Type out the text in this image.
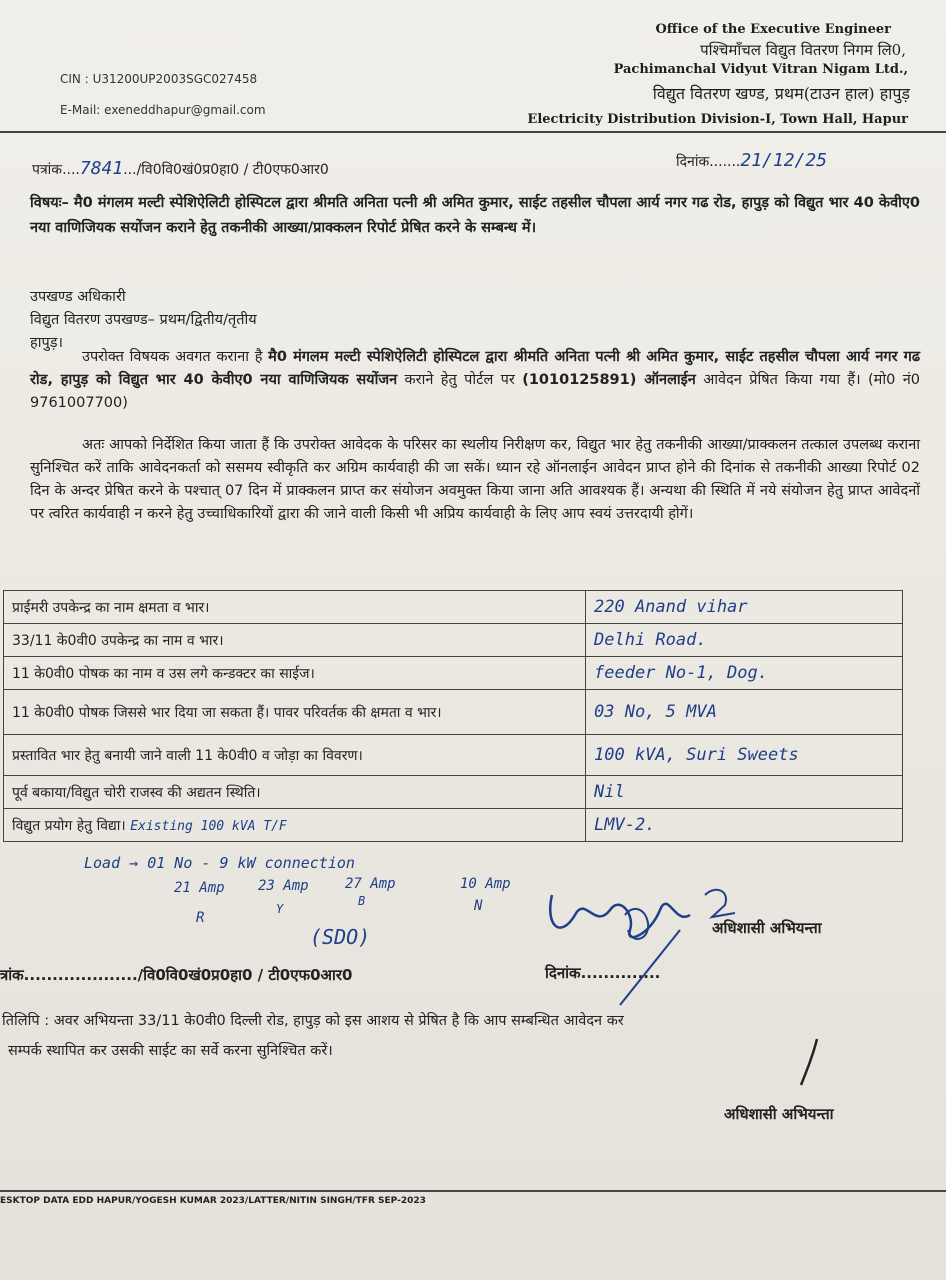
CIN : U31200UP2003SGC027458
E-Mail: exeneddhapur@gmail.com
Office of the Executive Engineer
पश्चिमाँचल विद्युत वितरण निगम लि0,
Pachimanchal Vidyut Vitran Nigam Ltd.,
विद्युत वितरण खण्ड, प्रथम(टाउन हाल) हापुड़
Electricity Distribution Division-I, Town Hall, Hapur
पत्रांक....7841.../वि0वि0खं0प्र0हा0 / टी0एफ0आर0	दिनांक.......21/12/25
विषयः– मै0 मंगलम मल्टी स्पेशिऐलिटी होस्पिटल द्वारा श्रीमति अनिता पत्नी श्री अमित कुमार, साईट तहसील चौपला आर्य नगर गढ रोड, हापुड़ को विद्युत भार 40 केवीए0 नया वाणिजियक सयोंजन कराने हेतु तकनीकी आख्या/प्राक्कलन रिपोर्ट प्रेषित करने के सम्बन्ध में।
उपखण्ड अधिकारी
विद्युत वितरण उपखण्ड– प्रथम/द्वितीय/तृतीय
हापुड़।
उपरोक्त विषयक अवगत कराना है मै0 मंगलम मल्टी स्पेशिऐलिटी होस्पिटल द्वारा श्रीमति अनिता पत्नी श्री अमित कुमार, साईट तहसील चौपला आर्य नगर गढ रोड, हापुड़ को विद्युत भार 40 केवीए0 नया वाणिजियक सयोंजन कराने हेतु पोर्टल पर (1010125891) ऑनलाईन आवेदन प्रेषित किया गया हैं। (मो0 नं0 9761007700)
अतः आपको निर्देशित किया जाता हैं कि उपरोक्त आवेदक के परिसर का स्थलीय निरीक्षण कर, विद्युत भार हेतु तकनीकी आख्या/प्राक्कलन तत्काल उपलब्ध कराना सुनिश्चित करें ताकि आवेदनकर्ता को ससमय स्वीकृति कर अग्रिम कार्यवाही की जा सकें। ध्यान रहे ऑनलाईन आवेदन प्राप्त होने की दिनांक से तकनीकी आख्या रिपोर्ट 02 दिन के अन्दर प्रेषित करने के पश्चात् 07 दिन में प्राक्कलन प्राप्त कर संयोजन अवमुक्त किया जाना अति आवश्यक हैं। अन्यथा की स्थिति में नये संयोजन हेतु प्राप्त आवेदनों पर त्वरित कार्यवाही न करने हेतु उच्चाधिकारियों द्वारा की जाने वाली किसी भी अप्रिय कार्यवाही के लिए आप स्वयं उत्तरदायी होगें।
प्राईमरी उपकेन्द्र का नाम क्षमता व भार।	220 Anand vihar
33/11 के0वी0 उपकेन्द्र का नाम व भार।	Delhi Road.
11 के0वी0 पोषक का नाम व उस लगे कन्डक्टर का साईज।	feeder No-1, Dog.
11 के0वी0 पोषक जिससे भार दिया जा सकता हैं। पावर परिवर्तक की क्षमता व भार।	03 No, 5 MVA
प्रस्तावित भार हेतु बनायी जाने वाली 11 के0वी0 व जोड़ा का विवरण।	100 kVA, Suri Sweets
पूर्व बकाया/विद्युत चोरी राजस्व की अद्यतन स्थिति।	Nil
विद्युत प्रयोग हेतु विद्या। Existing 100 kVA T/F	LMV-2.
Load → 01 No - 9 kW connection
21 Amp 23 Amp	27 Amp	10 Amp
R
Y
B	N
(SDO)	अधिशासी अभियन्ता
त्रांक..................../वि0वि0खं0प्र0हा0 / टी0एफ0आर0	दिनांक..............
तिलिपि : अवर अभियन्ता 33/11 के0वी0 दिल्ली रोड, हापुड़ को इस आशय से प्रेषित है कि आप सम्बन्धित आवेदन कर
सम्पर्क स्थापित कर उसकी साईट का सर्वे करना सुनिश्चित करें।
अधिशासी अभियन्ता
ESKTOP DATA EDD HAPUR/YOGESH KUMAR 2023/LATTER/NITIN SINGH/TFR SEP-2023
